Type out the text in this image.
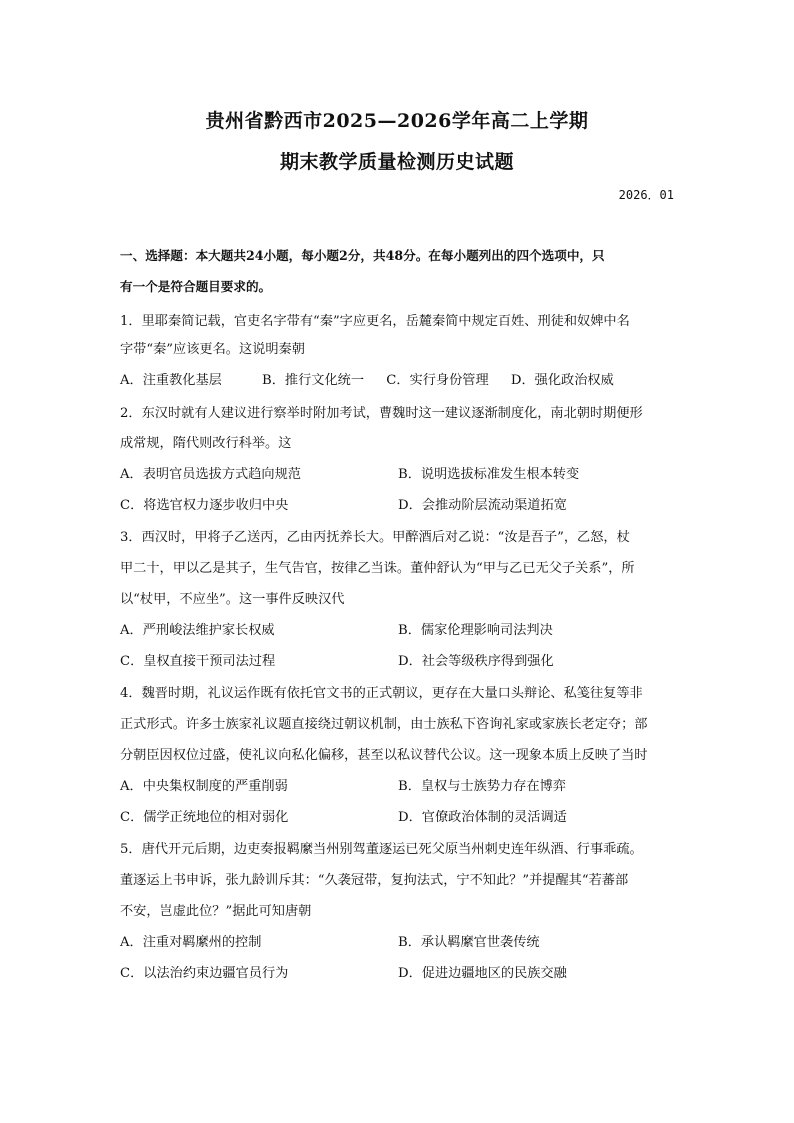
贵州省黔西市2025—2026学年高二上学期
期末教学质量检测历史试题
2026．01
一、选择题：本大题共24小题，每小题2分，共48分。在每小题列出的四个选项中，只
有一个是符合题目要求的。
1．里耶秦简记载，官吏名字带有“秦”字应更名，岳麓秦简中规定百姓、刑徒和奴婢中名
字带“秦”应该更名。这说明秦朝
A．注重教化基层	B．推行文化统一 C．实行身份管理 D．强化政治权威
2．东汉时就有人建议进行察举时附加考试，曹魏时这一建议逐渐制度化，南北朝时期便形
成常规，隋代则改行科举。这
A．表明官员选拔方式趋向规范	B．说明选拔标准发生根本转变
C．将选官权力逐步收归中央	D．会推动阶层流动渠道拓宽
3．西汉时，甲将子乙送丙，乙由丙抚养长大。甲醉酒后对乙说：“汝是吾子”，乙怒，杖
甲二十，甲以乙是其子，生气告官，按律乙当诛。董仲舒认为“甲与乙已无父子关系”，所
以“杖甲，不应坐”。这一事件反映汉代
A．严刑峻法维护家长权威	B．儒家伦理影响司法判决
C．皇权直接干预司法过程	D．社会等级秩序得到强化
4．魏晋时期，礼议运作既有依托官文书的正式朝议，更存在大量口头辩论、私笺往复等非
正式形式。许多士族家礼议题直接绕过朝议机制，由士族私下咨询礼家或家族长老定夺；部
分朝臣因权位过盛，使礼议向私化偏移，甚至以私议替代公议。这一现象本质上反映了当时
A．中央集权制度的严重削弱	B．皇权与士族势力存在博弈
C．儒学正统地位的相对弱化	D．官僚政治体制的灵活调适
5．唐代开元后期，边吏奏报羁縻当州别驾董逐运已死父原当州刺史连年纵酒、行事乖疏。
董逐运上书申诉，张九龄训斥其：“久袭冠带，复拘法式，宁不知此？”并提醒其“若蕃部
不安，岂虚此位？”据此可知唐朝
A．注重对羁縻州的控制	B．承认羁縻官世袭传统
C．以法治约束边疆官员行为	D．促进边疆地区的民族交融
